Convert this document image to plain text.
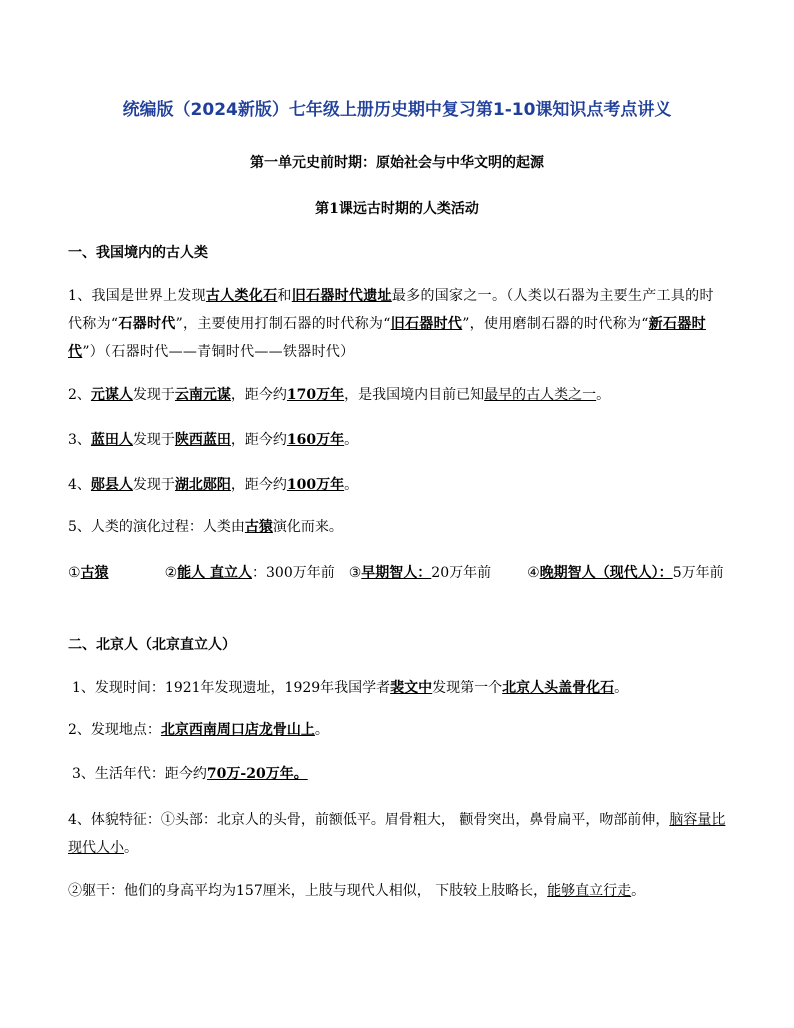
统编版（2024新版）七年级上册历史期中复习第1-10课知识点考点讲义
第一单元史前时期：原始社会与中华文明的起源
第1课远古时期的人类活动
一、我国境内的古人类
1、我国是世界上发现古人类化石和旧石器时代遗址最多的国家之一。（人类以石器为主要生产工具的时代称为“石器时代”，主要使用打制石器的时代称为“旧石器时代”，使用磨制石器的时代称为“新石器时代”）（石器时代——青铜时代——铁器时代）
2、元谋人发现于云南元谋，距今约170万年，是我国境内目前已知最早的古人类之一。
3、蓝田人发现于陕西蓝田，距今约160万年。
4、郧县人发现于湖北郧阳，距今约100万年。
5、人类的演化过程：人类由古猿演化而来。
①古猿	②能人 直立人：300万年前 ③早期智人：20万年前	④晚期智人（现代人）：5万年前
二、北京人（北京直立人）
1、发现时间：1921年发现遗址，1929年我国学者裴文中发现第一个北京人头盖骨化石。
2、发现地点：北京西南周口店龙骨山上。
3、生活年代：距今约70万-20万年。
4、体貌特征：①头部：北京人的头骨，前额低平。眉骨粗大， 颧骨突出，鼻骨扁平，吻部前伸，脑容量比现代人小。
②躯干：他们的身高平均为157厘米，上肢与现代人相似， 下肢较上肢略长，能够直立行走。
